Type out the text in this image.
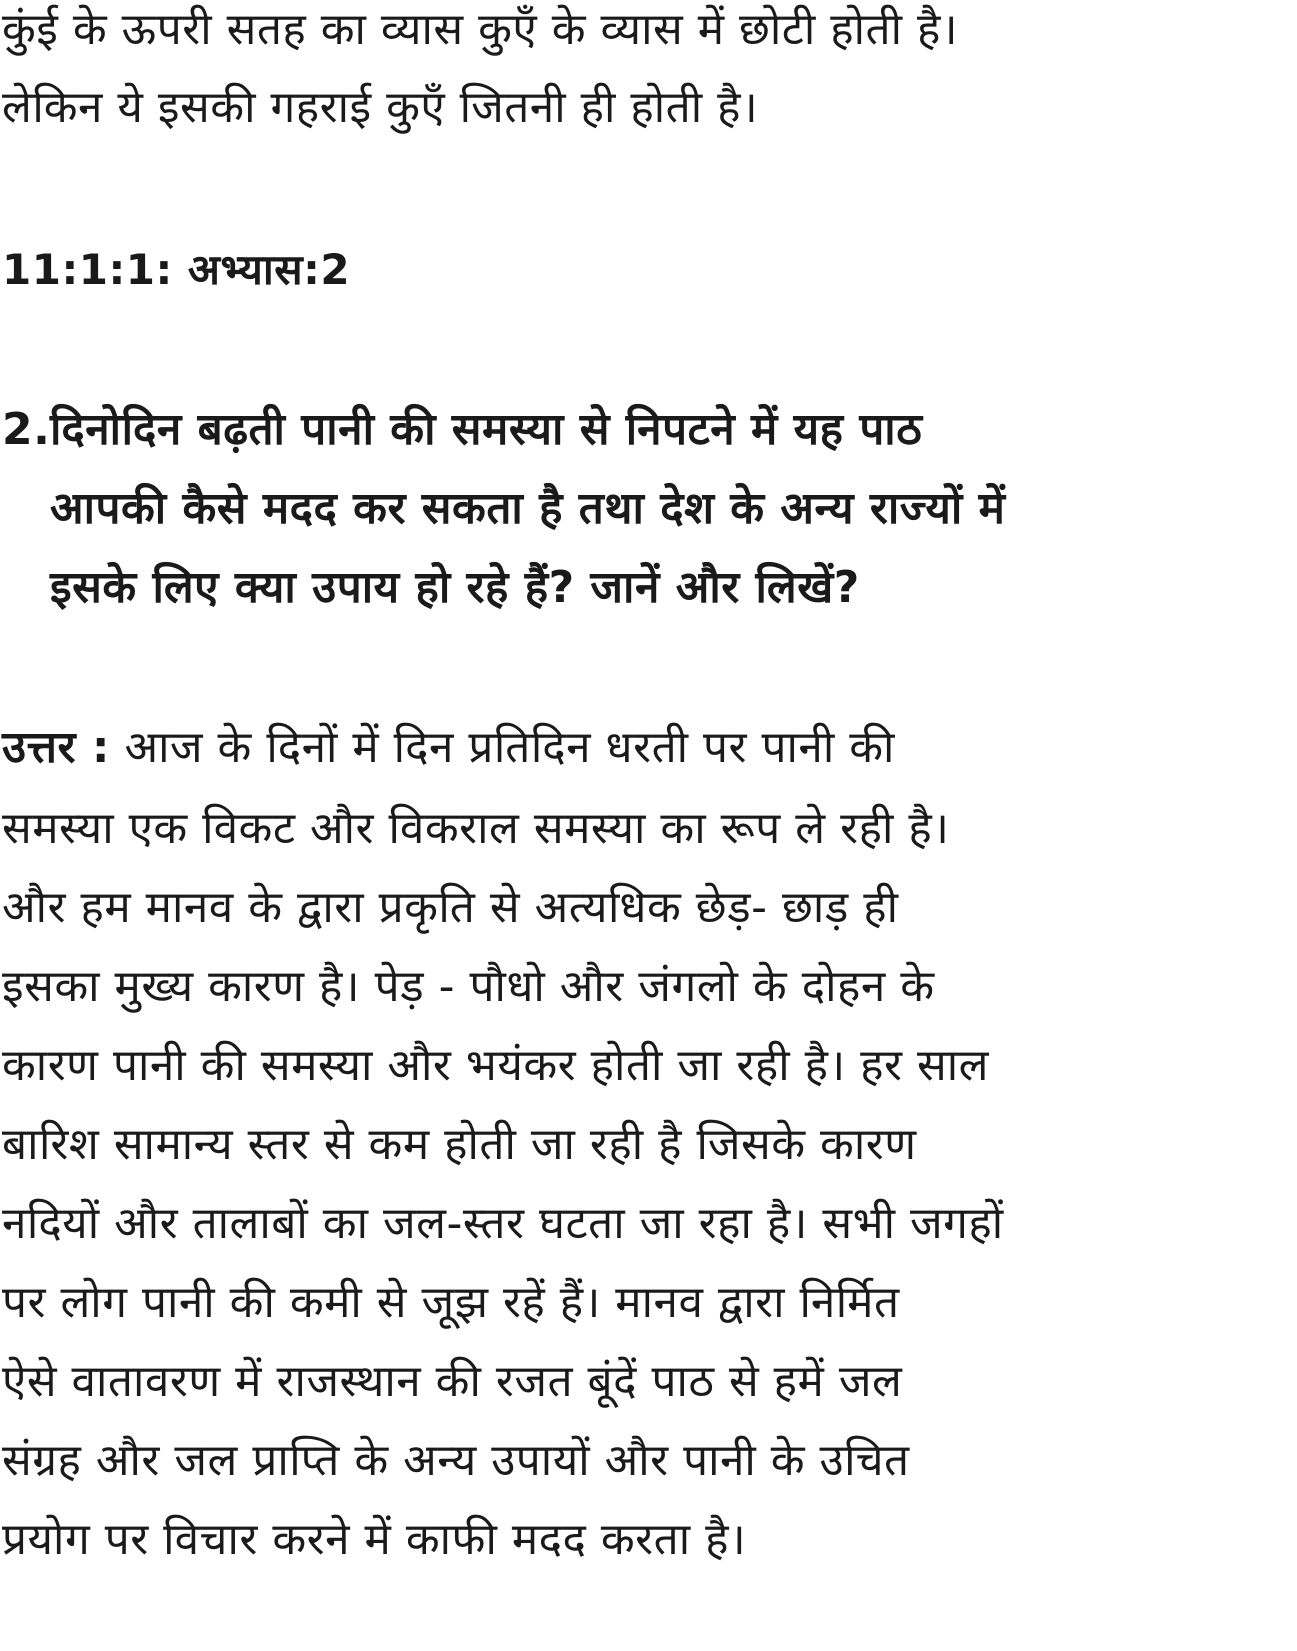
कुंई के ऊपरी सतह का व्यास कुएँ के व्यास में छोटी होती है।
लेकिन ये इसकी गहराई कुएँ जितनी ही होती है।
11:1:1: अभ्यास:2
2.दिनोदिन बढ़ती पानी की समस्या से निपटने में यह पाठ
आपकी कैसे मदद कर सकता है तथा देश के अन्य राज्यों में
इसके लिए क्या उपाय हो रहे हैं? जानें और लिखें?
उत्तर : आज के दिनों में दिन प्रतिदिन धरती पर पानी की
समस्या एक विकट और विकराल समस्या का रूप ले रही है।
और हम मानव के द्वारा प्रकृति से अत्यधिक छेड़- छाड़ ही
इसका मुख्य कारण है। पेड़ - पौधो और जंगलो के दोहन के
कारण पानी की समस्या और भयंकर होती जा रही है। हर साल
बारिश सामान्य स्तर से कम होती जा रही है जिसके कारण
नदियों और तालाबों का जल-स्तर घटता जा रहा है। सभी जगहों
पर लोग पानी की कमी से जूझ रहें हैं। मानव द्वारा निर्मित
ऐसे वातावरण में राजस्थान की रजत बूंदें पाठ से हमें जल
संग्रह और जल प्राप्ति के अन्य उपायों और पानी के उचित
प्रयोग पर विचार करने में काफी मदद करता है।
